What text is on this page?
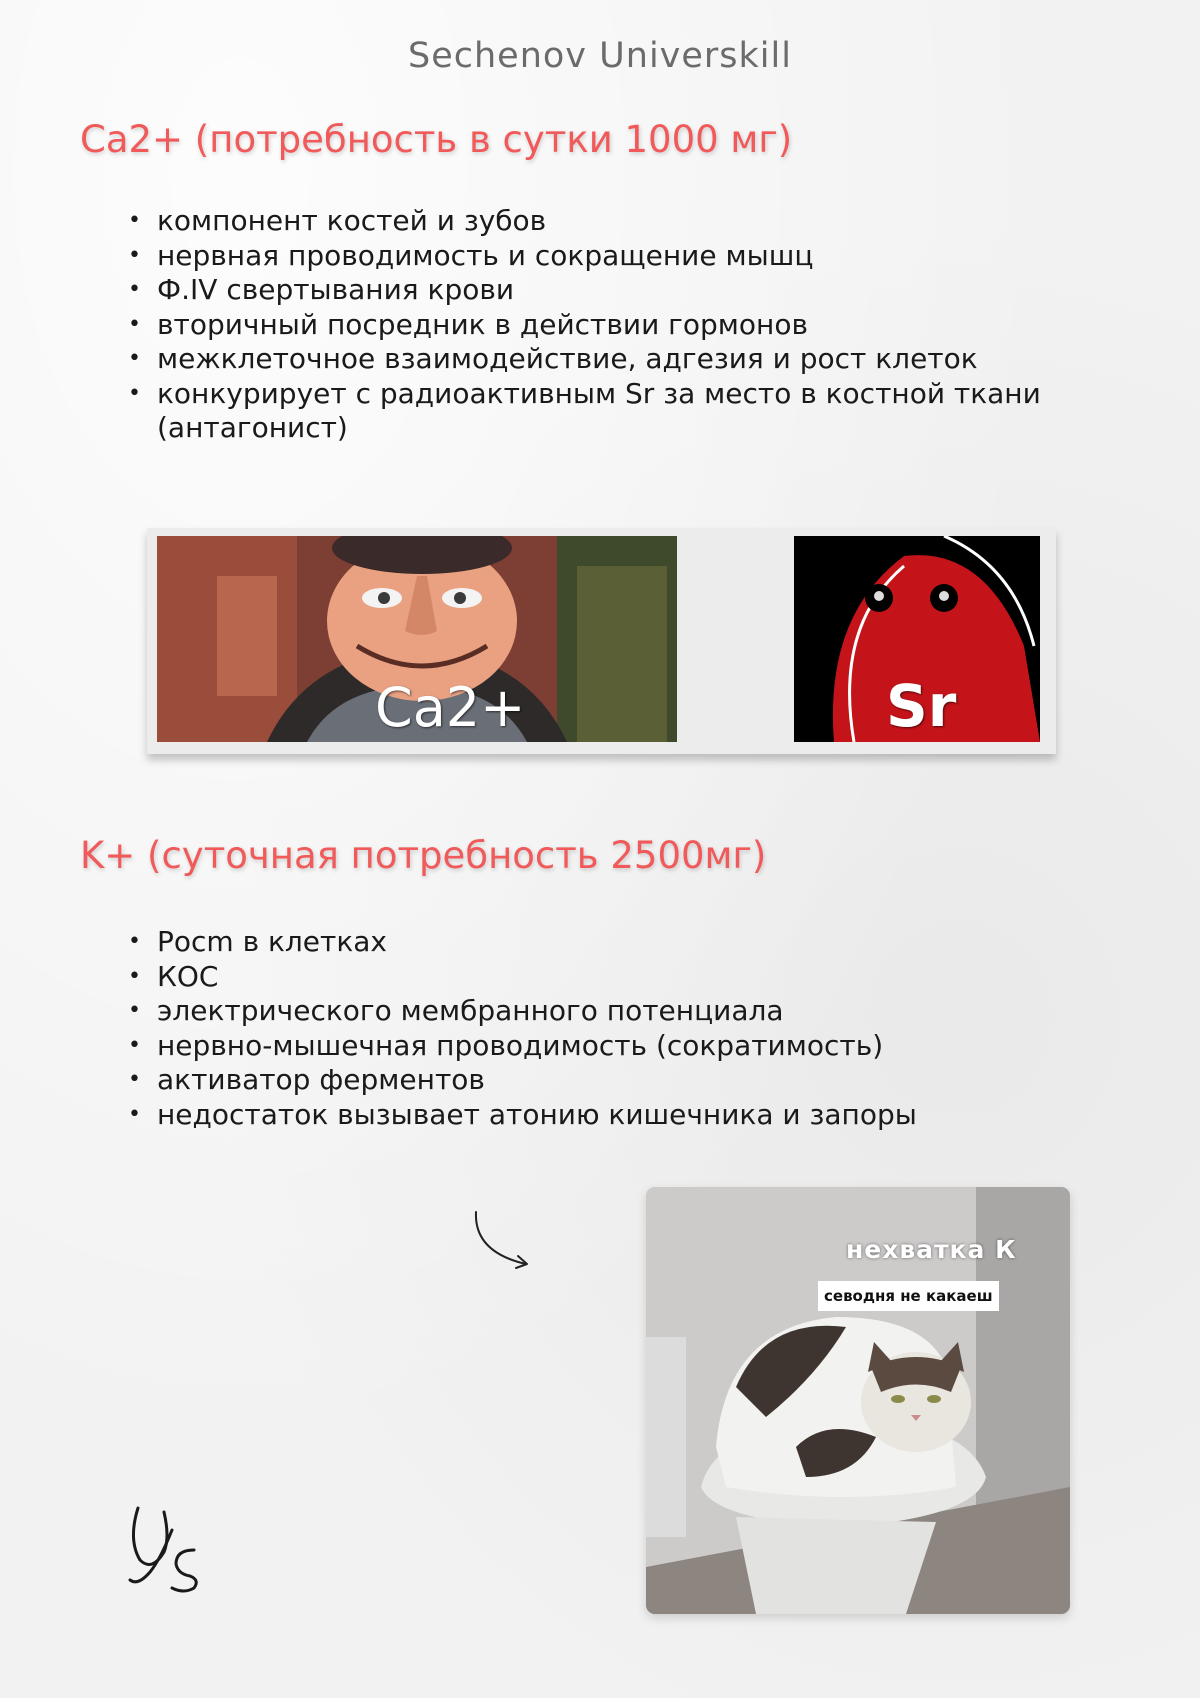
Sechenov Universkill
Ca2+ (потребность в сутки 1000 мг)
• компонент костей и зубов
• нервная проводимость и сокращение мышц
• Ф.IV свертывания крови
• вторичный посредник в действии гормонов
• межклеточное взаимодействие, адгезия и рост клеток
• конкурирует с радиоактивным Sr за место в костной ткани (антагонист)
Ca2+	Sr
K+ (суточная потребность 2500мг)
• Росm в клетках
• КОС
• электрического мембранного потенциала
• нервно-мышечная проводимость (сократимость)
• активатор ферментов
• недостаток вызывает атонию кишечника и запоры
нехватка К
севодня не какаеш
